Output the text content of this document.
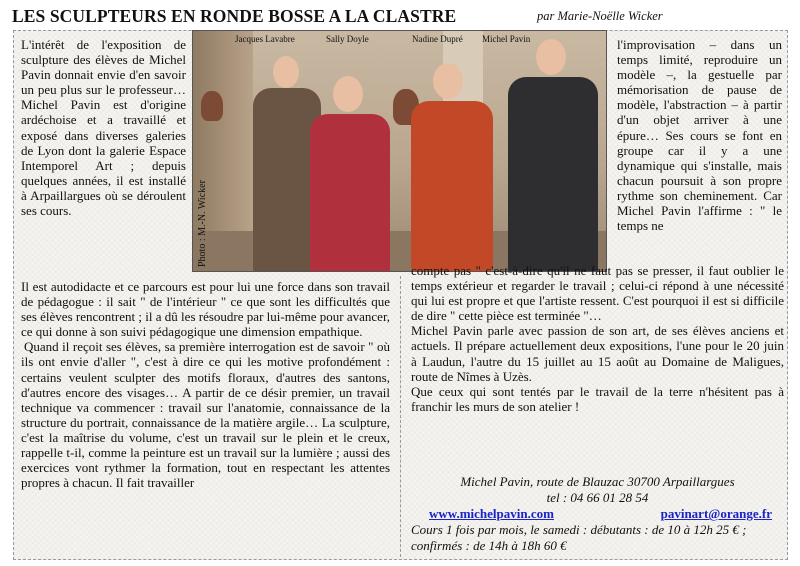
LES SCULPTEURS EN RONDE BOSSE A LA CLASTRE	par Marie-Noëlle Wicker
Jacques Lavabre	Sally Doyle	Nadine Dupré Michel Pavin
Photo : M.-N. Wicker
L'intérêt de l'exposition de sculpture des élèves de Michel Pavin donnait envie d'en savoir un peu plus sur le professeur… Michel Pavin est d'origine ardéchoise et a travaillé et exposé dans diverses galeries de Lyon dont la galerie Espace Intemporel Art ; depuis quelques années, il est installé à Arpaillargues où se déroulent ses cours.
l'improvisation – dans un temps limité, reproduire un modèle –, la gestuelle par mémorisation de pause de modèle, l'abstraction – à partir d'un objet arriver à une épure… Ses cours se font en groupe car il y a une dynamique qui s'installe, mais chacun poursuit à son propre rythme son cheminement. Car Michel Pavin l'affirme : " le temps ne

Il est autodidacte et ce parcours est pour lui une force dans son travail de pédagogue : il sait " de l'intérieur " ce que sont les difficultés que ses élèves rencontrent ; il a dû les résoudre par lui-même pour avancer, ce qui donne à son suivi pédagogique une dimension empathique.

Quand il reçoit ses élèves, sa première interrogation est de savoir " où ils ont envie d'aller ", c'est à dire ce qui les motive profondément : certains veulent sculpter des motifs floraux, d'autres des santons, d'autres encore des visages… A partir de ce désir premier, un travail technique va commencer : travail sur l'anatomie, connaissance de la structure du portrait, connaissance de la matière argile… La sculpture, c'est la maîtrise du volume, c'est un travail sur le plein et le creux, rappelle t-il, comme la peinture est un travail sur la lumière ; aussi des exercices vont rythmer la formation, tout en respectant les attentes propres à chacun. Il fait travailler

compte pas " c'est-à-dire qu'il ne faut pas se presser, il faut oublier le temps extérieur et regarder le travail ; celui-ci répond à une nécessité qui lui est propre et que l'artiste ressent. C'est pourquoi il est si difficile de dire " cette pièce est terminée "…

Michel Pavin parle avec passion de son art, de ses élèves anciens et actuels. Il prépare actuellement deux expositions, l'une pour le 20 juin à Laudun, l'autre du 15 juillet au 15 août au Domaine de Maligues, route de Nîmes à Uzès.

Que ceux qui sont tentés par le travail de la terre n'hésitent pas à franchir les murs de son atelier !

Michel Pavin, route de Blauzac 30700 Arpaillargues
tel : 04 66 01 28 54
www.michelpavin.com	pavinart@orange.fr
Cours 1 fois par mois, le samedi : débutants : de 10 à 12h 25 € ;
confirmés : de 14h à 18h 60 €
